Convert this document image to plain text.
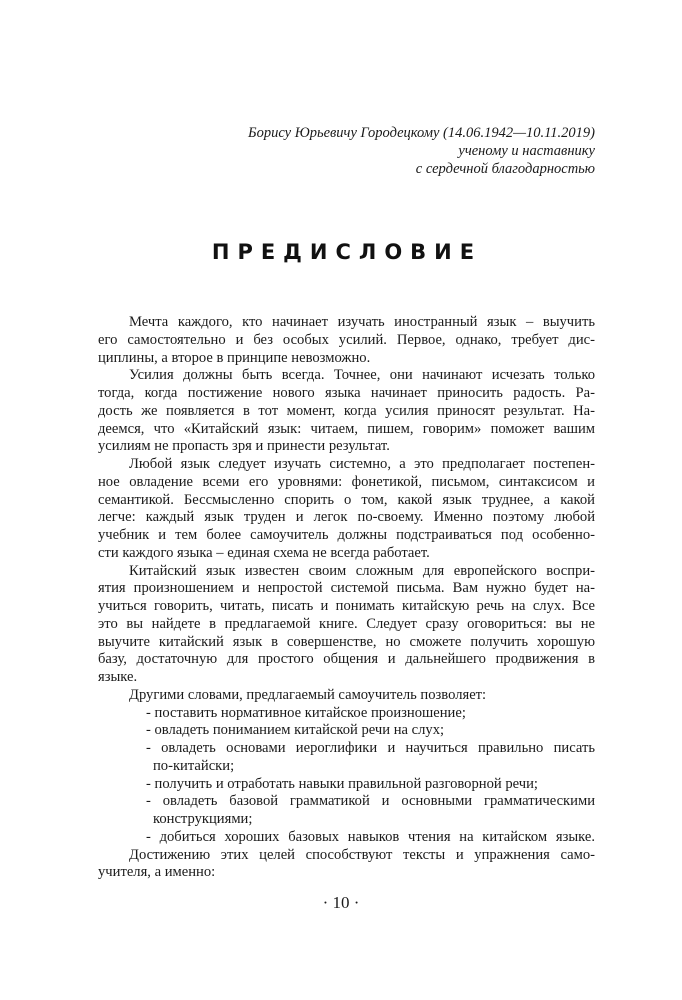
Борису Юрьевичу Городецкому (14.06.1942—10.11.2019)
ученому и наставнику
с сердечной благодарностью
ПРЕДИСЛОВИЕ
Мечта каждого, кто начинает изучать иностранный язык – выучить
его самостоятельно и без особых усилий. Первое, однако, требует дис-
циплины, а второе в принципе невозможно.
Усилия должны быть всегда. Точнее, они начинают исчезать только
тогда, когда постижение нового языка начинает приносить радость. Ра-
дость же появляется в тот момент, когда усилия приносят результат. На-
деемся, что «Китайский язык: читаем, пишем, говорим» поможет вашим
усилиям не пропасть зря и принести результат.
Любой язык следует изучать системно, а это предполагает постепен-
ное овладение всеми его уровнями: фонетикой, письмом, синтаксисом и
семантикой. Бессмысленно спорить о том, какой язык труднее, а какой
легче: каждый язык труден и легок по-своему. Именно поэтому любой
учебник и тем более самоучитель должны подстраиваться под особенно-
сти каждого языка – единая схема не всегда работает.
Китайский язык известен своим сложным для европейского воспри-
ятия произношением и непростой системой письма. Вам нужно будет на-
учиться говорить, читать, писать и понимать китайскую речь на слух. Все
это вы найдете в предлагаемой книге. Следует сразу оговориться: вы не
выучите китайский язык в совершенстве, но сможете получить хорошую
базу, достаточную для простого общения и дальнейшего продвижения в
языке.
Другими словами, предлагаемый самоучитель позволяет:
- поставить нормативное китайское произношение;
- овладеть пониманием китайской речи на слух;
- овладеть основами иероглифики и научиться правильно писать
по-китайски;
- получить и отработать навыки правильной разговорной речи;
- овладеть базовой грамматикой и основными грамматическими
конструкциями;
- добиться хороших базовых навыков чтения на китайском языке.
Достижению этих целей способствуют тексты и упражнения само-
учителя, а именно:
· 10 ·
